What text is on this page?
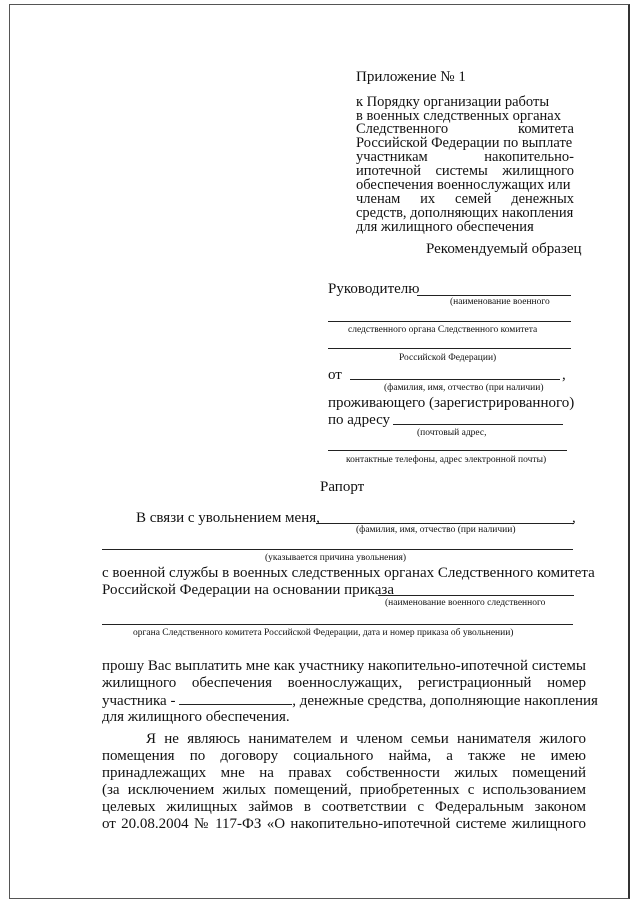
Приложение № 1
к Порядку организации работы
в военных следственных органах
Следственного комитета
Российской Федерации по выплате
участникам накопительно-
ипотечной системы жилищного
обеспечения военнослужащих или
членам их семей денежных
средств, дополняющих накопления
для жилищного обеспечения
Рекомендуемый образец
Руководителю
(наименование военного
следственного органа Следственного комитета
Российской Федерации)
от	,
(фамилия, имя, отчество (при наличии)
проживающего (зарегистрированного)
по адресу
(почтовый адрес,
контактные телефоны, адрес электронной почты)
Рапорт
В связи с увольнением меня,	,
(фамилия, имя, отчество (при наличии)
(указывается причина увольнения)
с военной службы в военных следственных органах Следственного комитета
Российской Федерации на основании приказа
(наименование военного следственного
органа Следственного комитета Российской Федерации, дата и номер приказа об увольнении)
прошу Вас выплатить мне как участнику накопительно-ипотечной системы
жилищного обеспечения военнослужащих, регистрационный номер
участника -	, денежные средства, дополняющие накопления
для жилищного обеспечения.
Я не являюсь нанимателем и членом семьи нанимателя жилого
помещения по договору социального найма, а также не имею
принадлежащих мне на правах собственности жилых помещений
(за исключением жилых помещений, приобретенных с использованием
целевых жилищных займов в соответствии с Федеральным законом
от 20.08.2004 № 117-ФЗ «О накопительно-ипотечной системе жилищного
